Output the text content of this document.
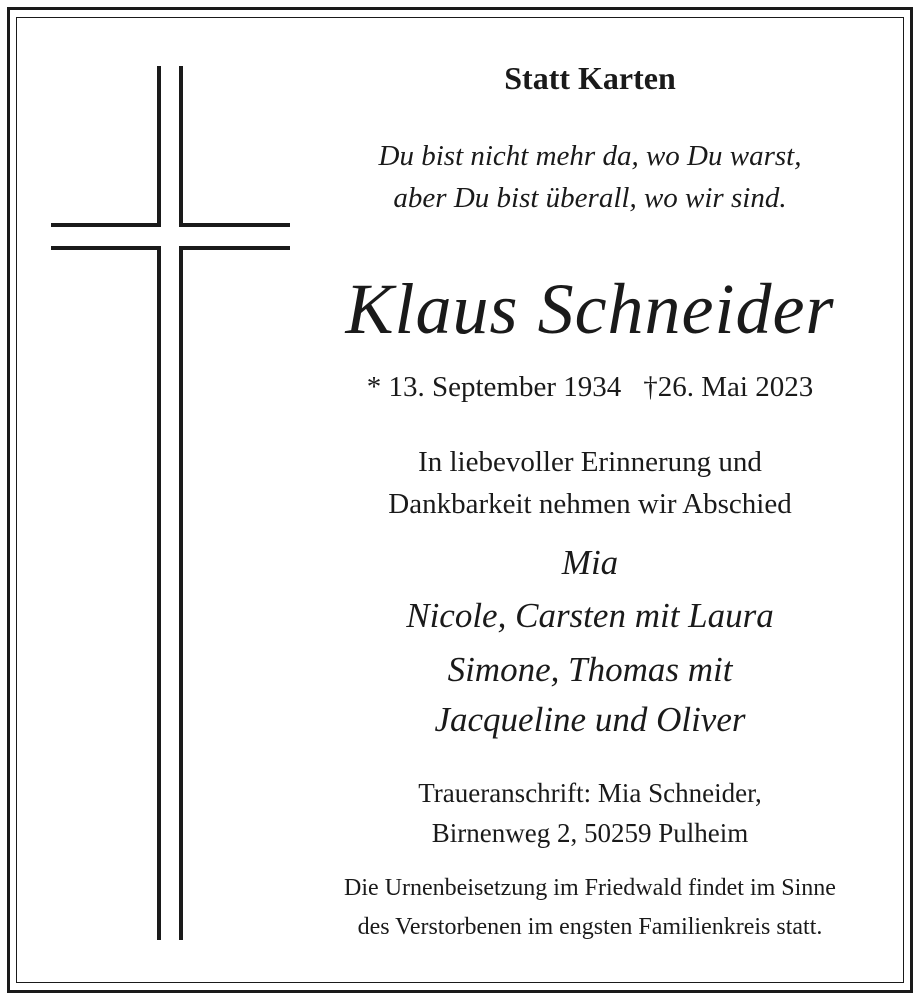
Statt Karten
Du bist nicht mehr da, wo Du warst,
aber Du bist überall, wo wir sind.
Klaus Schneider
* 13. September 1934 †26. Mai 2023
In liebevoller Erinnerung und
Dankbarkeit nehmen wir Abschied
Mia
Nicole, Carsten mit Laura
Simone, Thomas mit
Jacqueline und Oliver
Traueranschrift: Mia Schneider,
Birnenweg 2, 50259 Pulheim
Die Urnenbeisetzung im Friedwald findet im Sinne
des Verstorbenen im engsten Familienkreis statt.
